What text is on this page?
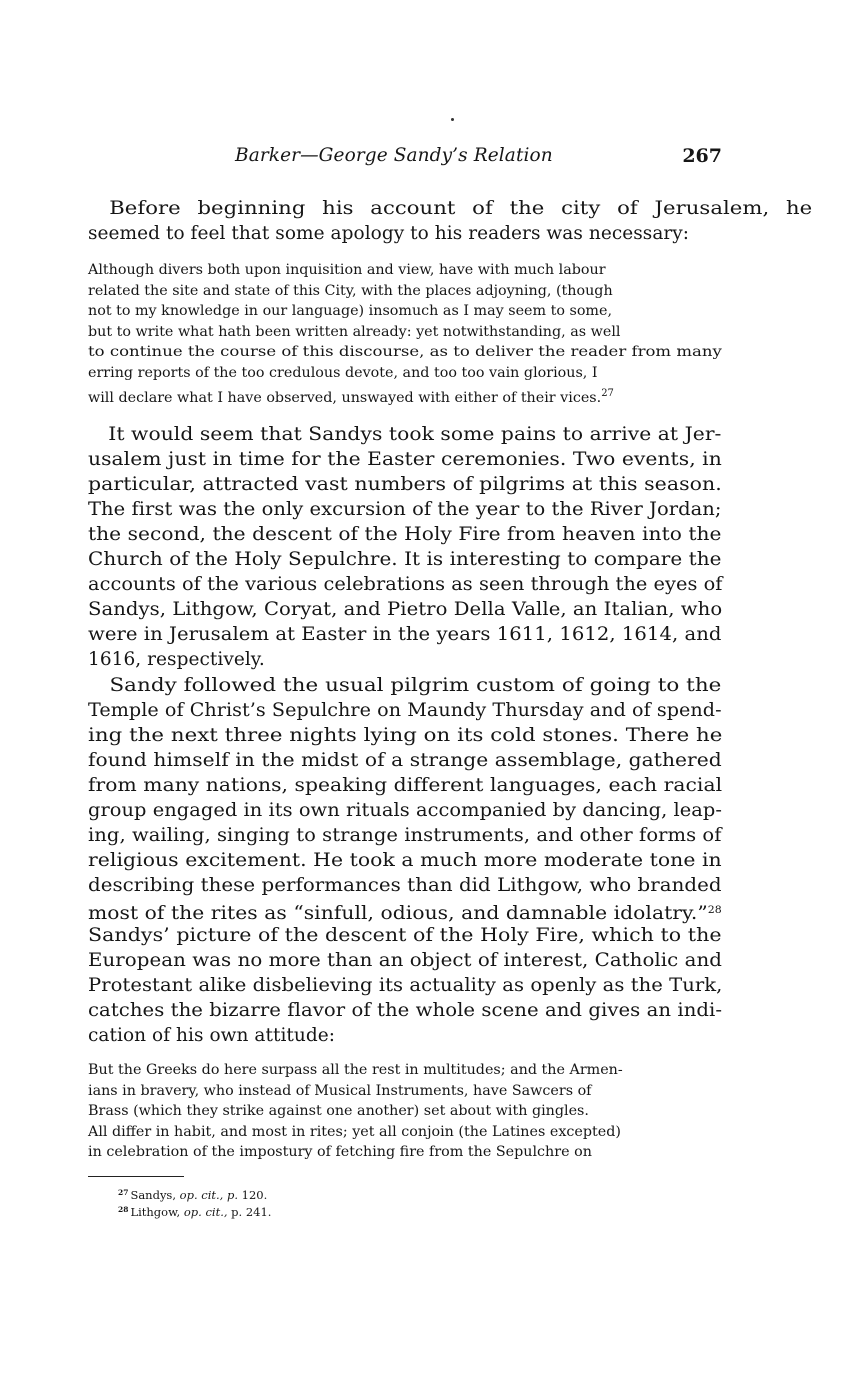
Barker—George Sandy’s Relation	267
 Before beginning his account of the city of Jerusalem, he
seemed to feel that some apology to his readers was necessary:
Although divers both upon inquisition and view, have with much labour
related the site and state of this City, with the places adjoyning, (though
not to my knowledge in our language) insomuch as I may seem to some,
but to write what hath been written already: yet notwithstanding, as well
to continue the course of this discourse, as to deliver the reader from many
erring reports of the too credulous devote, and too too vain glorious, I
will declare what I have observed, unswayed with either of their vices.$^{27}$
 It would seem that Sandys took some pains to arrive at Jer-
usalem just in time for the Easter ceremonies. Two events, in
particular, attracted vast numbers of pilgrims at this season.
The first was the only excursion of the year to the River Jordan;
the second, the descent of the Holy Fire from heaven into the
Church of the Holy Sepulchre. It is interesting to compare the
accounts of the various celebrations as seen through the eyes of
Sandys, Lithgow, Coryat, and Pietro Della Valle, an Italian, who
were in Jerusalem at Easter in the years 1611, 1612, 1614, and
1616, respectively.
 Sandy followed the usual pilgrim custom of going to the
Temple of Christ’s Sepulchre on Maundy Thursday and of spend-
ing the next three nights lying on its cold stones. There he
found himself in the midst of a strange assemblage, gathered
from many nations, speaking different languages, each racial
group engaged in its own rituals accompanied by dancing, leap-
ing, wailing, singing to strange instruments, and other forms of
religious excitement. He took a much more moderate tone in
describing these performances than did Lithgow, who branded
most of the rites as “sinfull, odious, and damnable idolatry.”$^{28}$
Sandys’ picture of the descent of the Holy Fire, which to the
European was no more than an object of interest, Catholic and
Protestant alike disbelieving its actuality as openly as the Turk,
catches the bizarre flavor of the whole scene and gives an indi-
cation of his own attitude:
But the Greeks do here surpass all the rest in multitudes; and the Armen-
ians in bravery, who instead of Musical Instruments, have Sawcers of
Brass (which they strike against one another) set about with gingles.
All differ in habit, and most in rites; yet all conjoin (the Latines excepted)
in celebration of the impostury of fetching fire from the Sepulchre on
$^{27}$ Sandys, op. cit., p. 120.
$^{28}$ Lithgow, op. cit., p. 241.
